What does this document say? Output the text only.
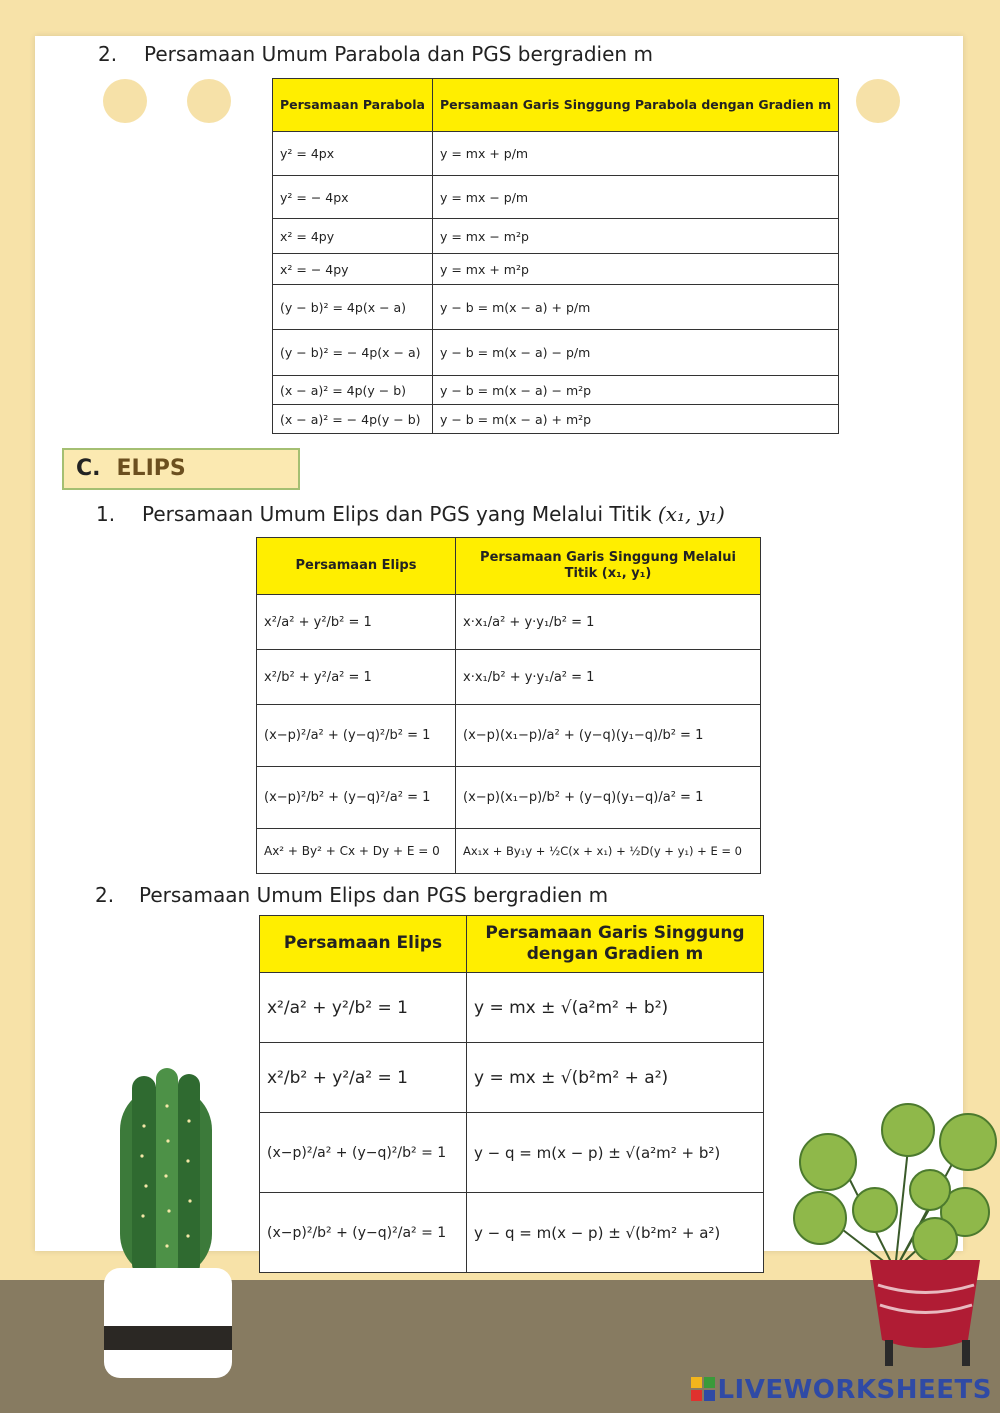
2. Persamaan Umum Parabola dan PGS bergradien m
Persamaan Parabola	Persamaan Garis Singgung Parabola dengan Gradien m
y² = 4px	y = mx + p/m
y² = − 4px	y = mx − p/m
x² = 4py	y = mx − m²p
x² = − 4py	y = mx + m²p
(y − b)² = 4p(x − a)	y − b = m(x − a) + p/m
(y − b)² = − 4p(x − a)	y − b = m(x − a) − p/m
(x − a)² = 4p(y − b)	y − b = m(x − a) − m²p
(x − a)² = − 4p(y − b)	y − b = m(x − a) + m²p
C. ELIPS
1. Persamaan Umum Elips dan PGS yang Melalui Titik (x₁, y₁)
Persamaan Elips	Persamaan Garis Singgung Melalui Titik (x₁, y₁)
x²/a² + y²/b² = 1	x·x₁/a² + y·y₁/b² = 1
x²/b² + y²/a² = 1	x·x₁/b² + y·y₁/a² = 1
(x−p)²/a² + (y−q)²/b² = 1	(x−p)(x₁−p)/a² + (y−q)(y₁−q)/b² = 1
(x−p)²/b² + (y−q)²/a² = 1	(x−p)(x₁−p)/b² + (y−q)(y₁−q)/a² = 1
Ax² + By² + Cx + Dy + E = 0	Ax₁x + By₁y + ½C(x + x₁) + ½D(y + y₁) + E = 0
2. Persamaan Umum Elips dan PGS bergradien m
Persamaan Elips	Persamaan Garis Singgung dengan Gradien m
x²/a² + y²/b² = 1	y = mx ± √(a²m² + b²)
x²/b² + y²/a² = 1	y = mx ± √(b²m² + a²)
(x−p)²/a² + (y−q)²/b² = 1	y − q = m(x − p) ± √(a²m² + b²)
(x−p)²/b² + (y−q)²/a² = 1	y − q = m(x − p) ± √(b²m² + a²)
LIVEWORKSHEETS
